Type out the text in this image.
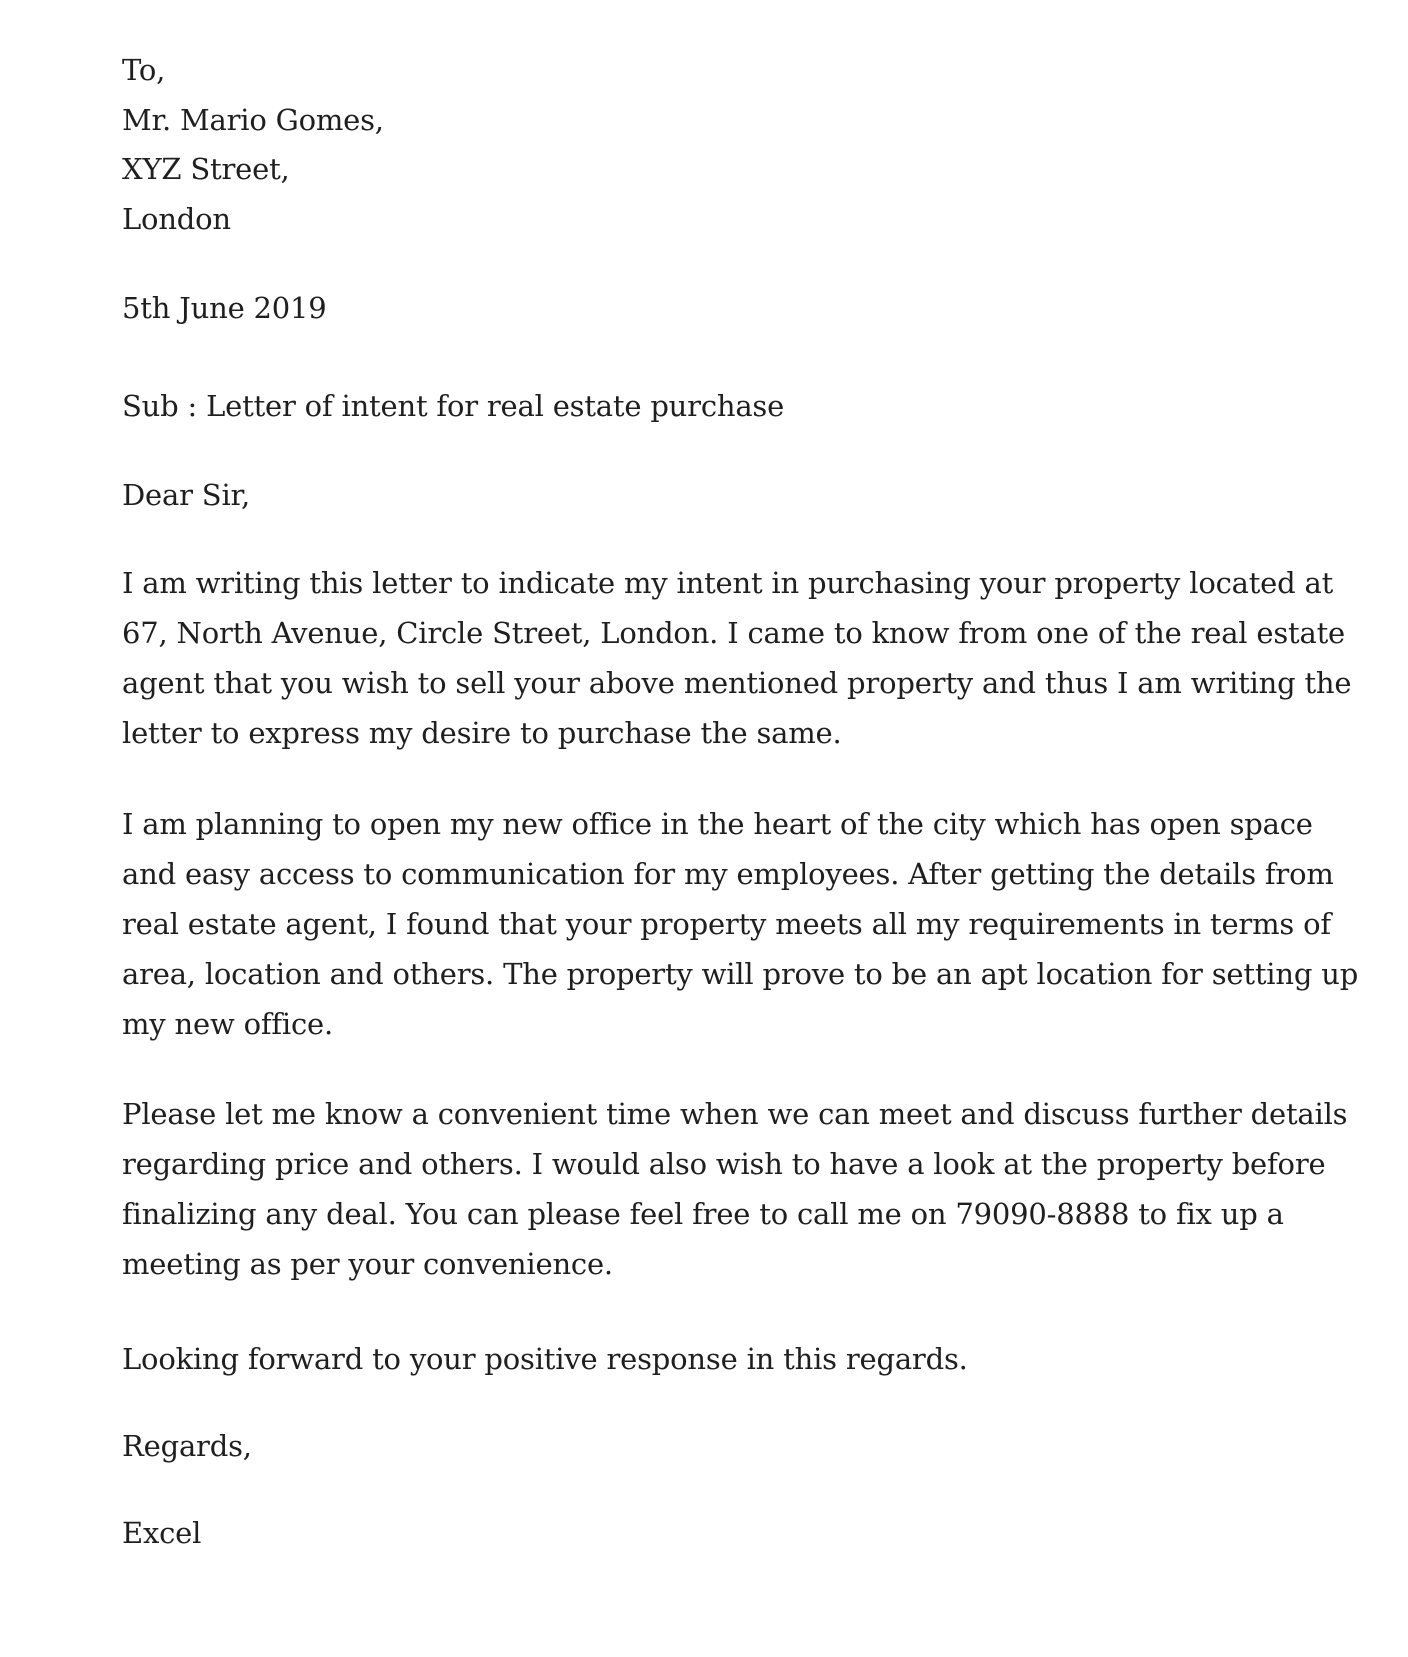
To,
Mr. Mario Gomes,
XYZ Street,
London
5th June 2019
Sub : Letter of intent for real estate purchase
Dear Sir,
I am writing this letter to indicate my intent in purchasing your property located at
67, North Avenue, Circle Street, London. I came to know from one of the real estate
agent that you wish to sell your above mentioned property and thus I am writing the
letter to express my desire to purchase the same.
I am planning to open my new office in the heart of the city which has open space
and easy access to communication for my employees. After getting the details from
real estate agent, I found that your property meets all my requirements in terms of
area, location and others. The property will prove to be an apt location for setting up
my new office.
Please let me know a convenient time when we can meet and discuss further details
regarding price and others. I would also wish to have a look at the property before
finalizing any deal. You can please feel free to call me on 79090-8888 to fix up a
meeting as per your convenience.
Looking forward to your positive response in this regards.
Regards,
Excel
